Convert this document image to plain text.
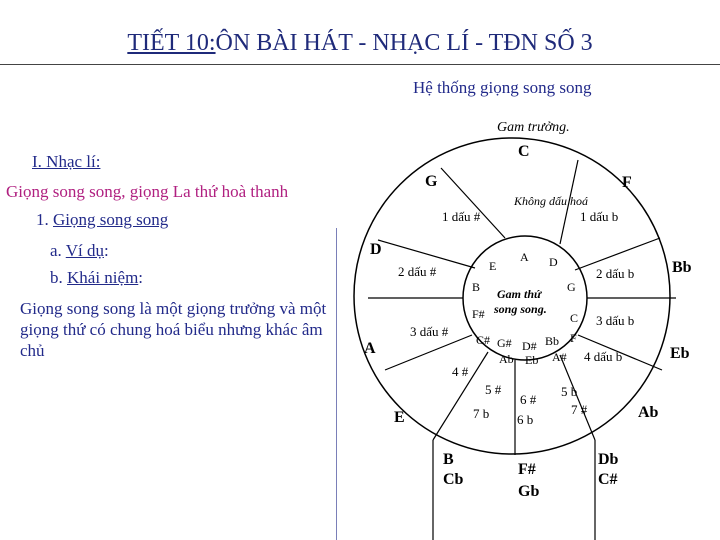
TIẾT 10:ÔN BÀI HÁT - NHẠC LÍ - TĐN SỐ 3
Hệ thống giọng song song
I. Nhạc lí:
Giọng song song, giọng La thứ hoà thanh
1. Giọng song song
a. Ví dụ:
b. Khái niệm:
Giọng song song là một giọng trưởng và một giọng thứ có chung hoá biểu nhưng khác âm chủ
Gam trưởng.
Không dấu hoá
C
G	F
D
Bb
A	Eb
E	Ab
B
Cb
F#
Gb
Db
C#
1 dấu #	1 dấu b
2 dấu #	2 dấu b
3 dấu #
3 dấu b
4 #
4 dấu b
5 #	5 b
6 #
6 b
7 #
7 b
Gam thứ
song song.
A D
E
G
B
C
F#
F
C# G# D# Bb
Ab Eb A#
